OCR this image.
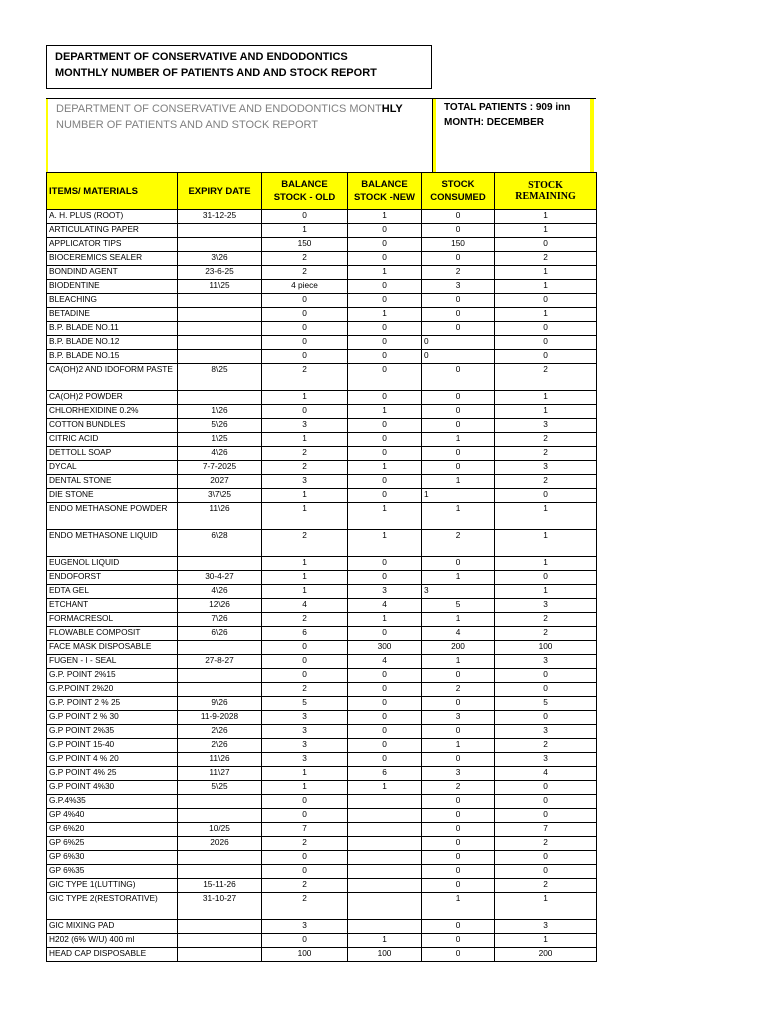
DEPARTMENT OF CONSERVATIVE AND ENDODONTICS
MONTHLY NUMBER OF PATIENTS AND AND STOCK REPORT
DEPARTMENT OF CONSERVATIVE AND ENDODONTICS MONTHLY
NUMBER OF PATIENTS AND AND STOCK REPORT
TOTAL PATIENTS : 909 inn
MONTH: DECEMBER
ITEMS/ MATERIALS	EXPIRY DATE	BALANCE STOCK - OLD	BALANCE STOCK -NEW	STOCK CONSUMED	STOCK REMAINING
A. H. PLUS (ROOT)	31-12-25	0	1	0	1
ARTICULATING PAPER		1	0	0	1
APPLICATOR TIPS		150	0	150	0
BIOCEREMICS SEALER	3\26	2	0	0	2
BONDIND AGENT	23-6-25	2	1	2	1
BIODENTINE	11\25	4 piece	0	3	1
BLEACHING		0	0	0	0
BETADINE		0	1	0	1
B.P. BLADE NO.11		0	0	0	0
B.P. BLADE NO.12		0	0	0	0
B.P. BLADE NO.15		0	0	0	0
CA(OH)2 AND IDOFORM PASTE	8\25	2	0	0	2
CA(OH)2 POWDER		1	0	0	1
CHLORHEXIDINE 0.2%	1\26	0	1	0	1
COTTON BUNDLES	5\26	3	0	0	3
CITRIC ACID	1\25	1	0	1	2
DETTOLL SOAP	4\26	2	0	0	2
DYCAL	7-7-2025	2	1	0	3
DENTAL STONE	2027	3	0	1	2
DIE STONE	3\7\25	1	0	1	0
ENDO METHASONE POWDER	11\26	1	1	1	1
ENDO METHASONE LIQUID	6\28	2	1	2	1
EUGENOL LIQUID		1	0	0	1
ENDOFORST	30-4-27	1	0	1	0
EDTA GEL	4\26	1	3	3	1
ETCHANT	12\26	4	4	5	3
FORMACRESOL	7\26	2	1	1	2
FLOWABLE COMPOSIT	6\26	6	0	4	2
FACE MASK DISPOSABLE		0	300	200	100
FUGEN - I - SEAL	27-8-27	0	4	1	3
G.P. POINT 2%15		0	0	0	0
G.P.POINT 2%20		2	0	2	0
G.P. POINT 2 % 25	9\26	5	0	0	5
G.P POINT 2 % 30	11-9-2028	3	0	3	0
G.P POINT 2%35	2\26	3	0	0	3
G.P POINT 15-40	2\26	3	0	1	2
G.P POINT 4 % 20	11\26	3	0	0	3
G.P POINT 4% 25	11\27	1	6	3	4
G.P POINT 4%30	5\25	1	1	2	0
G.P.4%35		0		0	0
GP 4%40		0		0	0
GP 6%20	10/25	7		0	7
GP 6%25	2026	2		0	2
GP 6%30		0		0	0
GP 6%35		0		0	0
GIC TYPE 1(LUTTING)	15-11-26	2		0	2
GIC TYPE 2(RESTORATIVE)	31-10-27	2		1	1
GIC MIXING PAD		3		0	3
H202 (6% W/U) 400 ml		0	1	0	1
HEAD CAP DISPOSABLE		100	100	0	200
